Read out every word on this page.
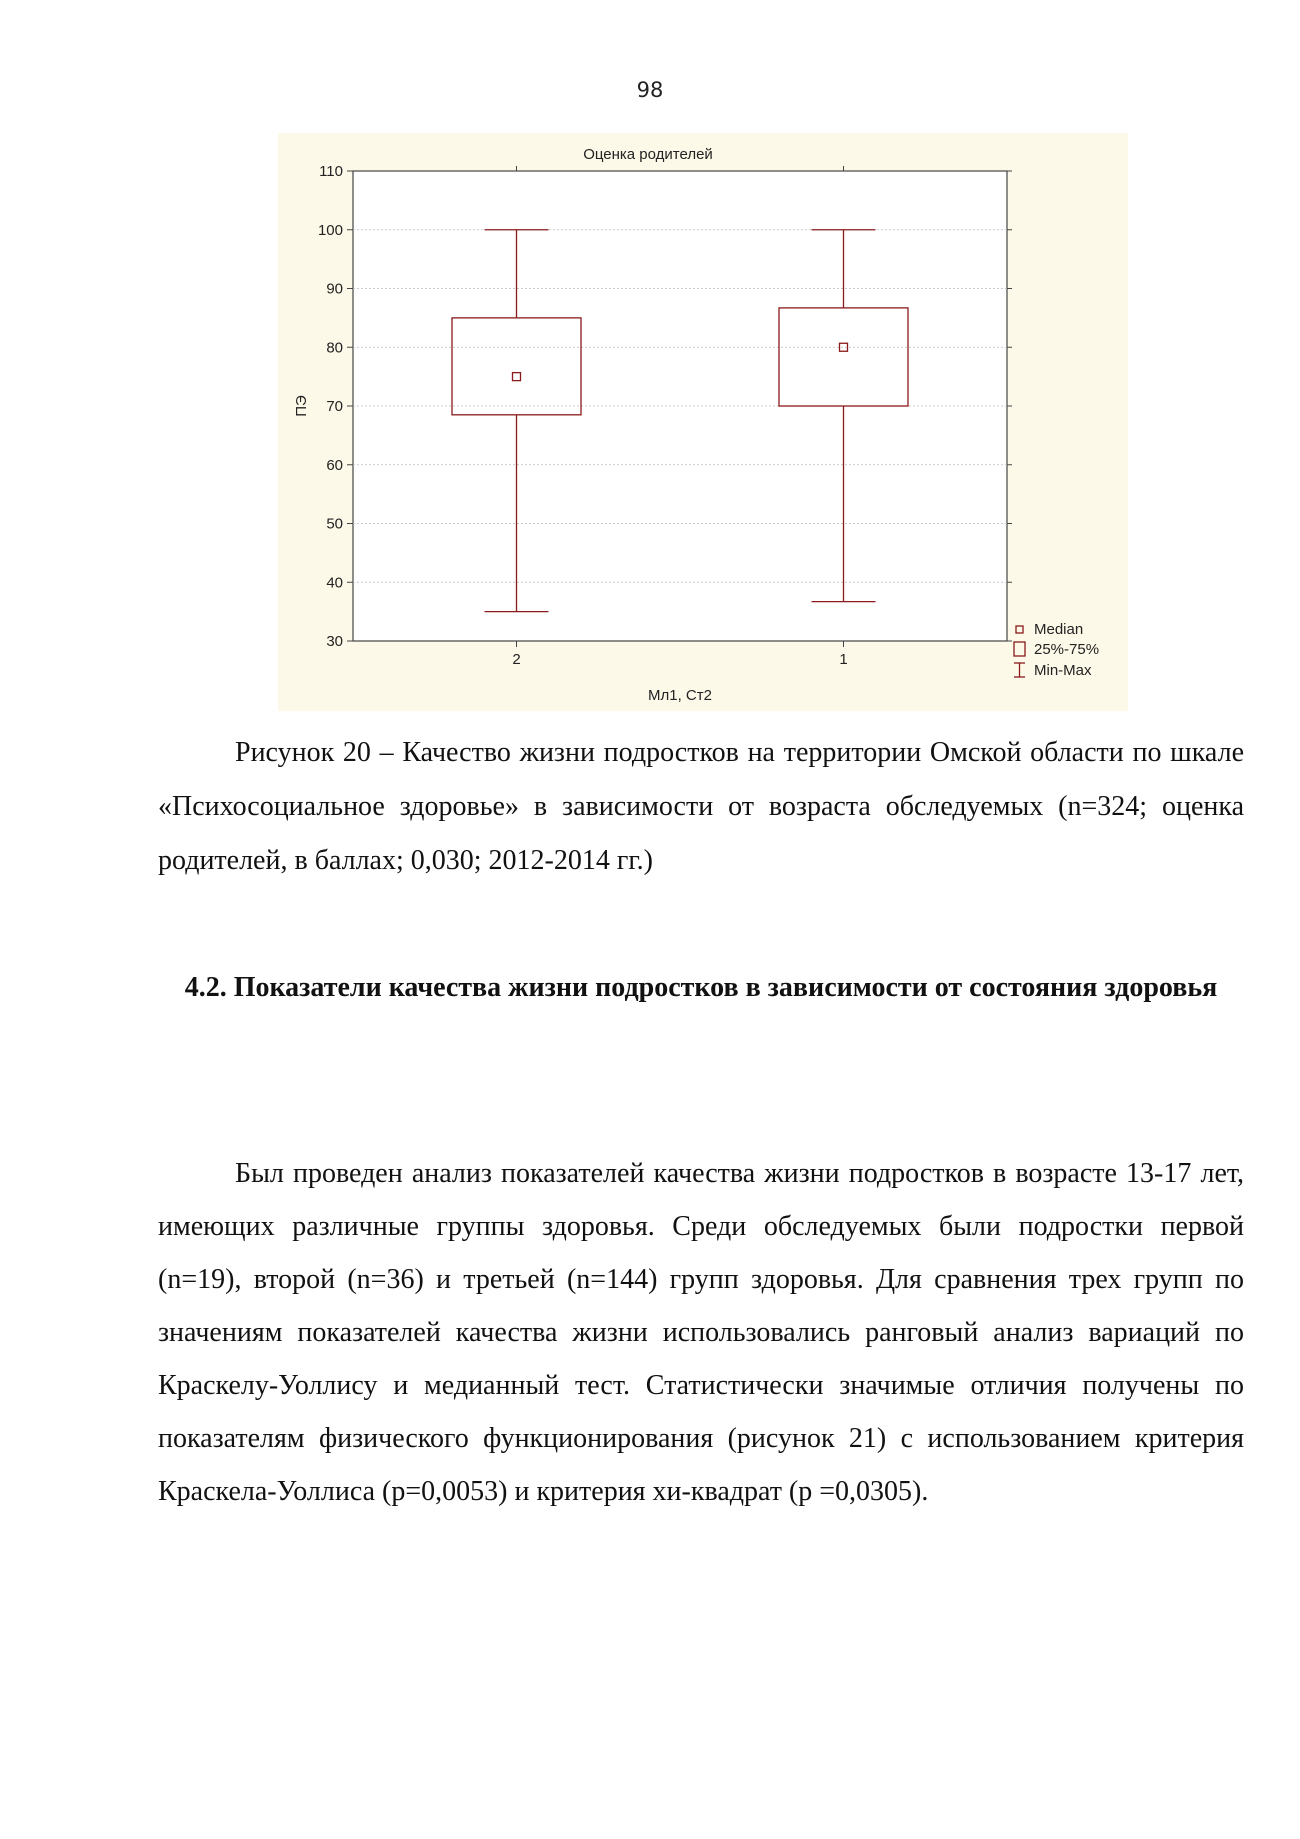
98
30
40
50
60
70
80
90
100
110
2	1
Оценка родителей
ПЭ
Мл1, Ст2
Median
25%-75%
Min-Max

Рисунок 20 – Качество жизни подростков на территории Омской области по шкале «Психосоциальное здоровье» в зависимости от возраста обследуемых (n=324; оценка родителей, в баллах; 0,030; 2012-2014 гг.)

4.2. Показатели качества жизни подростков в зависимости от состояния здоровья

Был проведен анализ показателей качества жизни подростков в возрасте 13-17 лет, имеющих различные группы здоровья. Среди обследуемых были подростки первой (n=19), второй (n=36) и третьей (n=144) групп здоровья. Для сравнения трех групп по значениям показателей качества жизни использовались ранговый анализ вариаций по Краскелу-Уоллису и медианный тест. Статистически значимые отличия получены по показателям физического функционирования (рисунок 21) с использованием критерия Краскела-Уоллиса (p=0,0053) и критерия хи-квадрат (p =0,0305).
